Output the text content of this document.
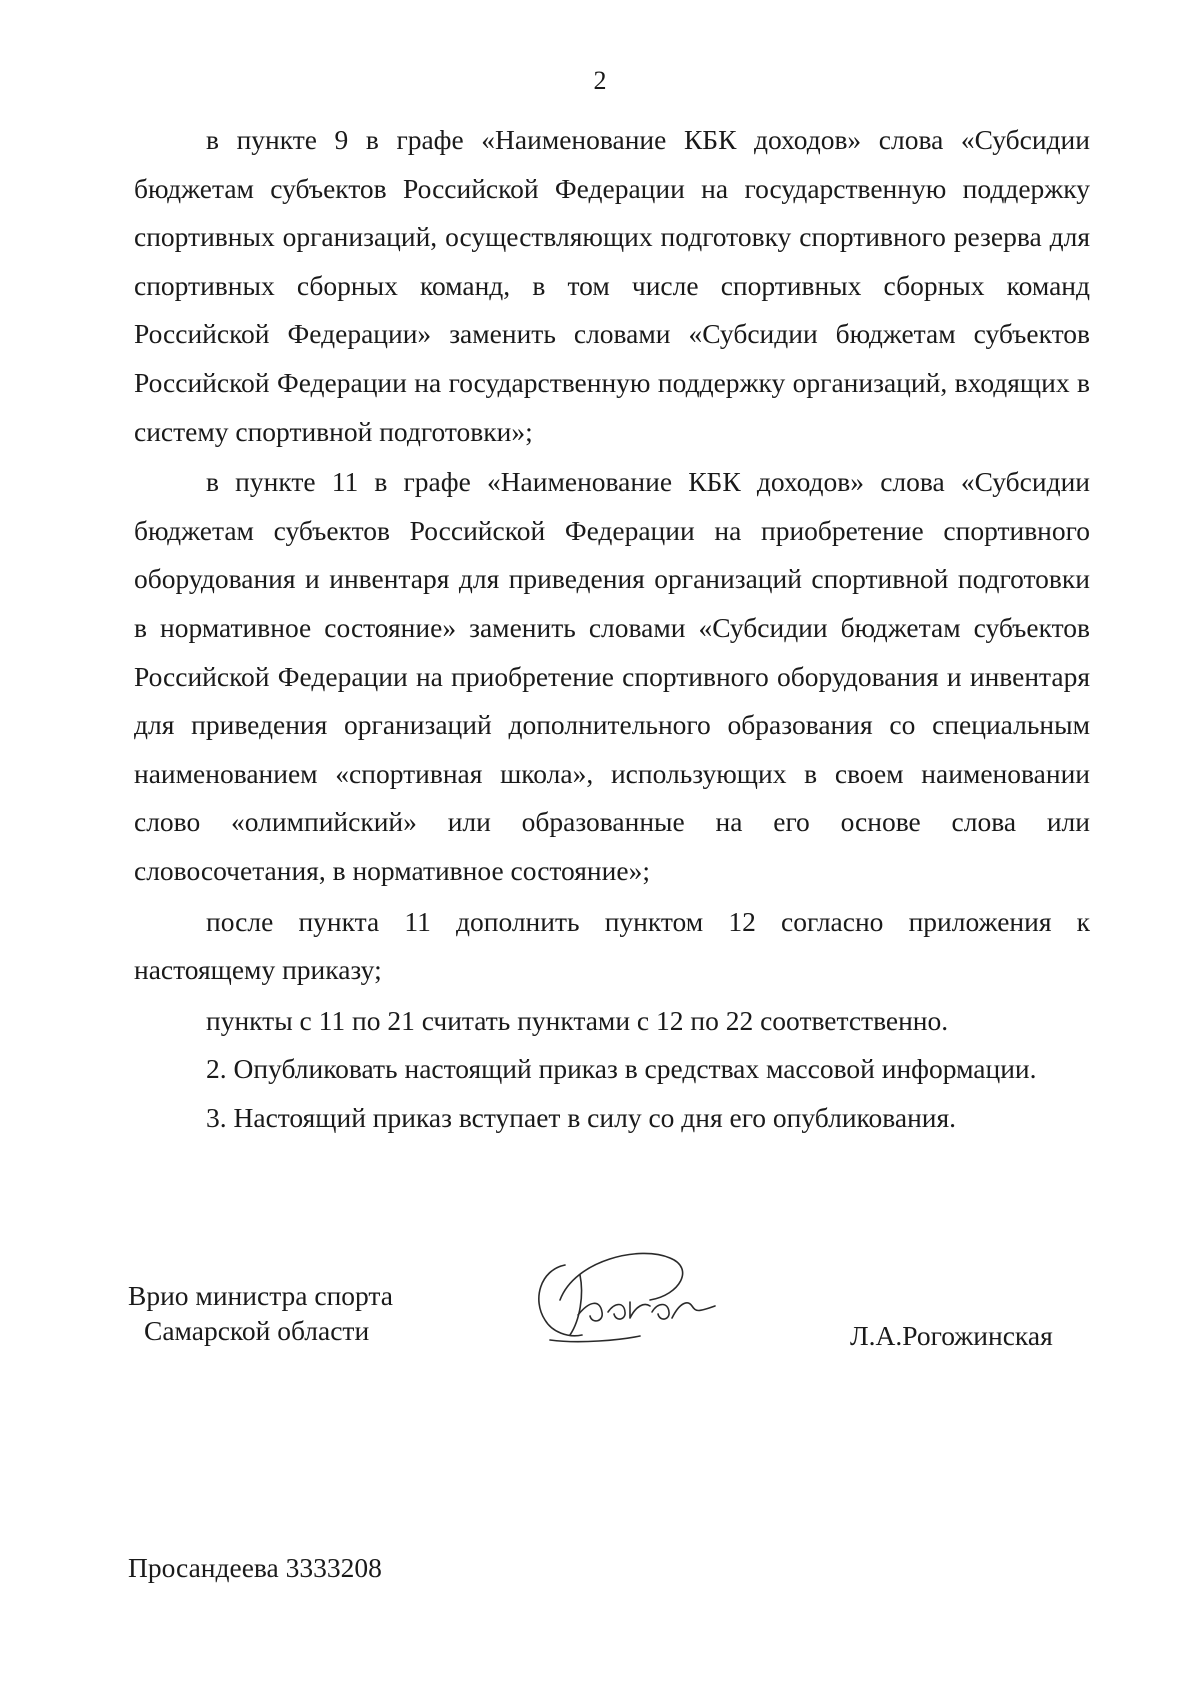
2

в пункте 9 в графе «Наименование КБК доходов» слова «Субсидии бюджетам субъектов Российской Федерации на государственную поддержку спортивных организаций, осуществляющих подготовку спортивного резерва для спортивных сборных команд, в том числе спортивных сборных команд Российской Федерации» заменить словами «Субсидии бюджетам субъектов Российской Федерации на государственную поддержку организаций, входящих в систему спортивной подготовки»;

в пункте 11 в графе «Наименование КБК доходов» слова «Субсидии бюджетам субъектов Российской Федерации на приобретение спортивного оборудования и инвентаря для приведения организаций спортивной подготовки в нормативное состояние» заменить словами «Субсидии бюджетам субъектов Российской Федерации на приобретение спортивного оборудования и инвентаря для приведения организаций дополнительного образования со специальным наименованием «спортивная школа», использующих в своем наименовании слово «олимпийский» или образованные на его основе слова или словосочетания, в нормативное состояние»;

после пункта 11 дополнить пунктом 12 согласно приложения к настоящему приказу;

пункты с 11 по 21 считать пунктами с 12 по 22 соответственно.

2. Опубликовать настоящий приказ в средствах массовой информации.

3. Настоящий приказ вступает в силу со дня его опубликования.

Врио министра спорта
Самарской области	Л.А.Рогожинская
Просандеева 3333208
